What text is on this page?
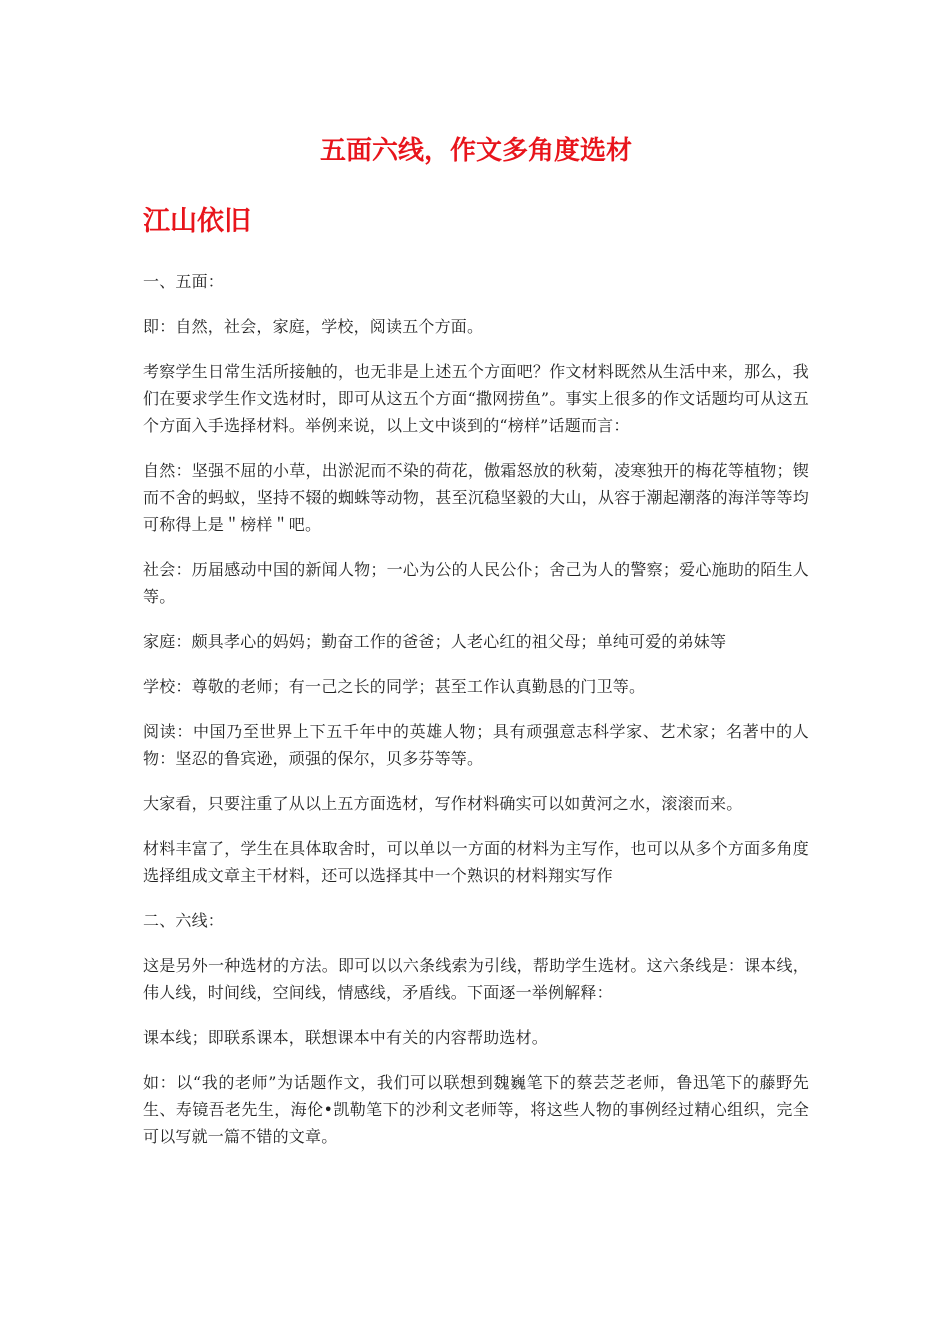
五面六线，作文多角度选材
江山依旧

一、五面：

即：自然，社会，家庭，学校，阅读五个方面。

考察学生日常生活所接触的，也无非是上述五个方面吧？作文材料既然从生活中来，那么，我们在要求学生作文选材时，即可从这五个方面“撒网捞鱼”。事实上很多的作文话题均可从这五个方面入手选择材料。举例来说，以上文中谈到的“榜样”话题而言：

自然：坚强不屈的小草，出淤泥而不染的荷花，傲霜怒放的秋菊，凌寒独开的梅花等植物；锲而不舍的蚂蚁，坚持不辍的蜘蛛等动物，甚至沉稳坚毅的大山，从容于潮起潮落的海洋等等均可称得上是＂榜样＂吧。

社会：历届感动中国的新闻人物；一心为公的人民公仆；舍己为人的警察；爱心施助的陌生人等。

家庭：颇具孝心的妈妈；勤奋工作的爸爸；人老心红的祖父母；单纯可爱的弟妹等

学校：尊敬的老师；有一己之长的同学；甚至工作认真勤恳的门卫等。

阅读：中国乃至世界上下五千年中的英雄人物；具有顽强意志科学家、艺术家；名著中的人物：坚忍的鲁宾逊，顽强的保尔，贝多芬等等。

大家看，只要注重了从以上五方面选材，写作材料确实可以如黄河之水，滚滚而来。

材料丰富了，学生在具体取舍时，可以单以一方面的材料为主写作，也可以从多个方面多角度选择组成文章主干材料，还可以选择其中一个熟识的材料翔实写作

二、六线：

这是另外一种选材的方法。即可以以六条线索为引线，帮助学生选材。这六条线是：课本线，伟人线，时间线，空间线，情感线，矛盾线。下面逐一举例解释：

课本线；即联系课本，联想课本中有关的内容帮助选材。

如：以“我的老师”为话题作文，我们可以联想到魏巍笔下的蔡芸芝老师，鲁迅笔下的藤野先生、寿镜吾老先生，海伦•凯勒笔下的沙利文老师等，将这些人物的事例经过精心组织，完全可以写就一篇不错的文章。
